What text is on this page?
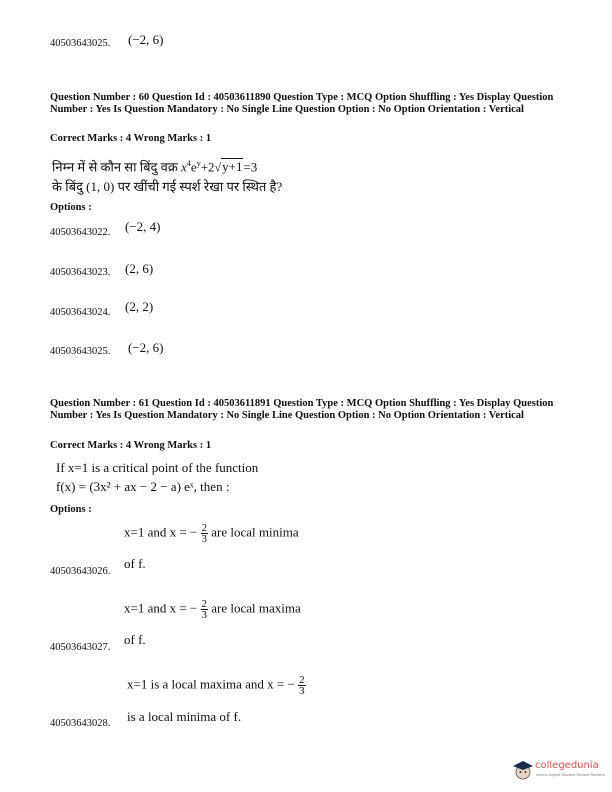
40503643025. (−2, 6)
Question Number : 60 Question Id : 40503611890 Question Type : MCQ Option Shuffling : Yes Display Question Number : Yes Is Question Mandatory : No Single Line Question Option : No Option Orientation : Vertical
Correct Marks : 4 Wrong Marks : 1
निम्न में से कौन सा बिंदु वक्र $x^4e^y+2√y+1=3$
के बिंदु (1, 0) पर खींची गई स्पर्श रेखा पर स्थित है?
Options :
40503643022. (−2, 4)
40503643023. (2, 6)
40503643024. (2, 2)
40503643025. (−2, 6)
Question Number : 61 Question Id : 40503611891 Question Type : MCQ Option Shuffling : Yes Display Question Number : Yes Is Question Mandatory : No Single Line Question Option : No Option Orientation : Vertical
Correct Marks : 4 Wrong Marks : 1
If x=1 is a critical point of the function
f(x) = (3x² + ax − 2 − a) eˣ, then :
Options :
x=1 and x = − $\frac{2}{3}$ are local minima
of f.
40503643026.
x=1 and x = − $\frac{2}{3}$ are local maxima
of f.
40503643027.
x=1 is a local maxima and x = − $\frac{2}{3}$
is a local minima of f.
40503643028.
collegedunia
India's largest Student Review Platform
